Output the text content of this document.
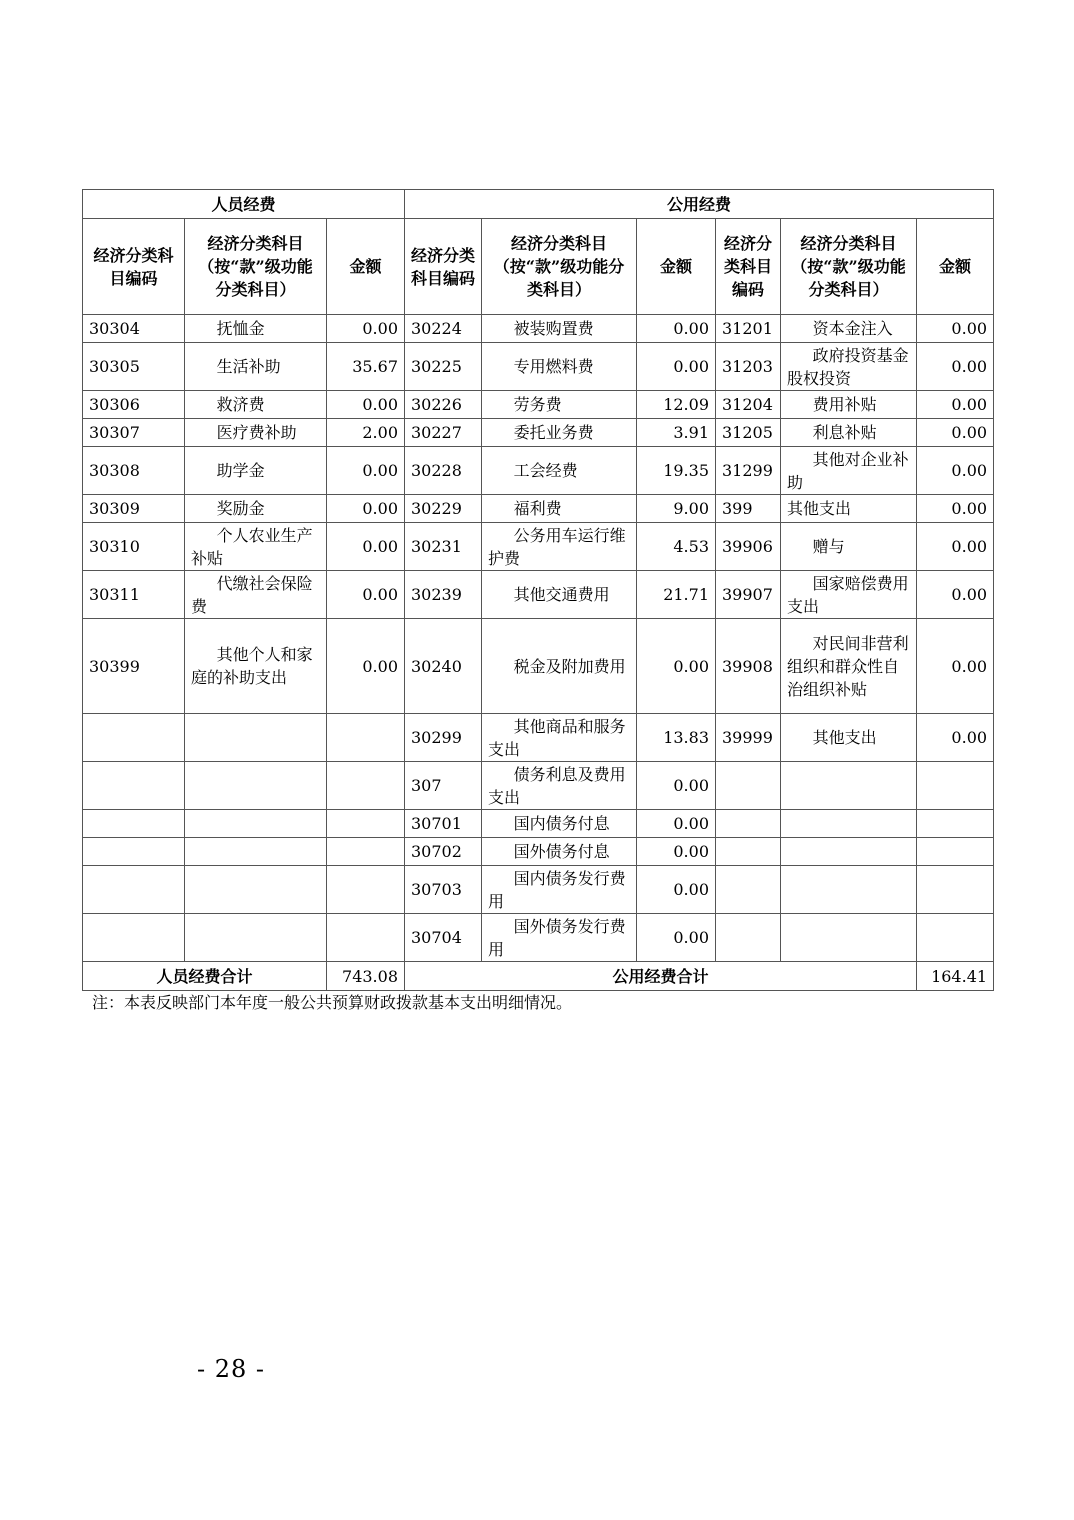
人员经费			公用经费					
经济分类科目编码	经济分类科目（按“款”级功能分类科目）	金额	经济分类科目编码	经济分类科目（按“款”级功能分类科目）	金额	经济分类科目编码	经济分类科目（按“款”级功能分类科目）	金额
30304	抚恤金	0.00	30224	被装购置费	0.00	31201	资本金注入	0.00
30305	生活补助	35.67	30225	专用燃料费	0.00	31203	政府投资基金股权投资	0.00
30306	救济费	0.00	30226	劳务费	12.09	31204	费用补贴	0.00
30307	医疗费补助	2.00	30227	委托业务费	3.91	31205	利息补贴	0.00
30308	助学金	0.00	30228	工会经费	19.35	31299	其他对企业补助	0.00
30309	奖励金	0.00	30229	福利费	9.00	399	其他支出	0.00
30310	个人农业生产补贴	0.00	30231	公务用车运行维护费	4.53	39906	赠与	0.00
30311	代缴社会保险费	0.00	30239	其他交通费用	21.71	39907	国家赔偿费用支出	0.00
30399	其他个人和家庭的补助支出	0.00	30240	税金及附加费用	0.00	39908	对民间非营利组织和群众性自治组织补贴	0.00
			30299	其他商品和服务支出	13.83	39999	其他支出	0.00
			307	债务利息及费用支出	0.00			
			30701	国内债务付息	0.00			
			30702	国外债务付息	0.00			
			30703	国内债务发行费用	0.00			
			30704	国外债务发行费用	0.00			
人员经费合计		743.08	公用经费合计					164.41
注：本表反映部门本年度一般公共预算财政拨款基本支出明细情况。
- 28 -
